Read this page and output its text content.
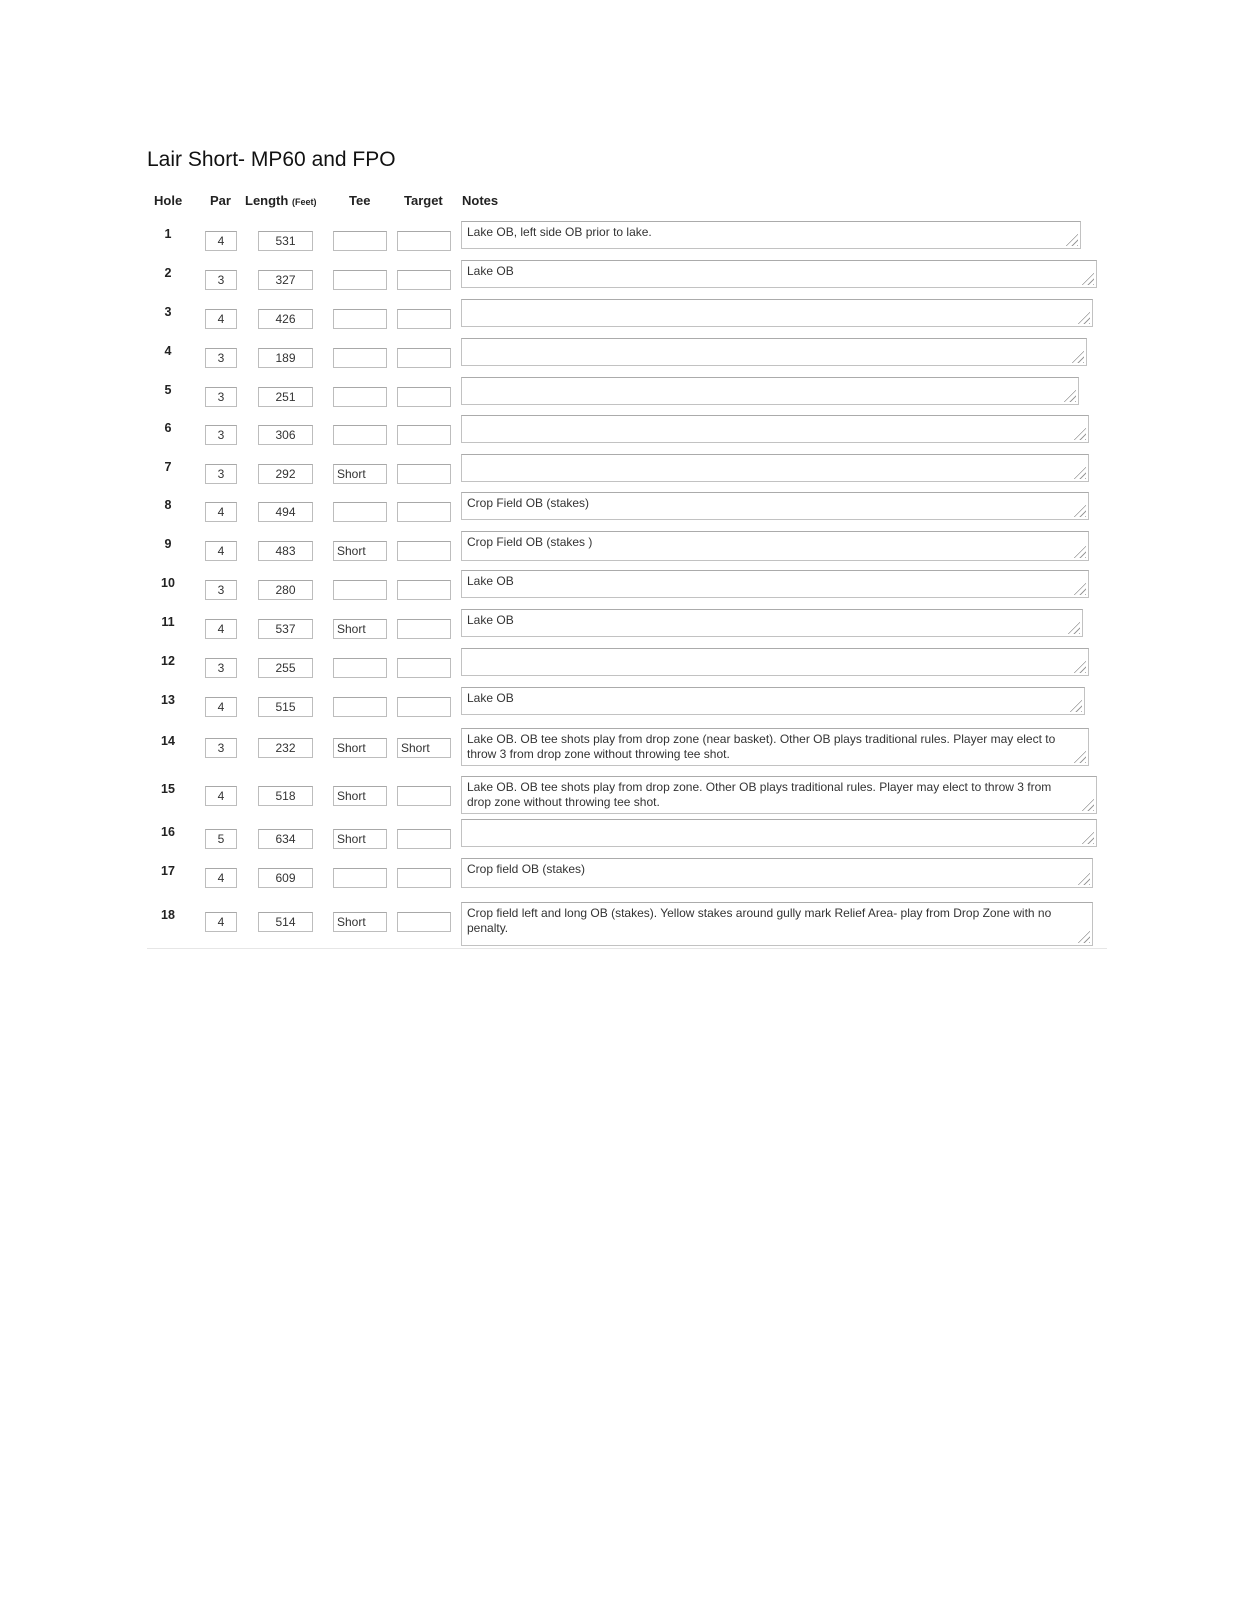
Lair Short- MP60 and FPO
Hole Par Length (Feet)	Tee	Target Notes
1	4	531
Lake OB, left side OB prior to lake.
2	3	327
Lake OB
3	4	426
4	3	189
5	3	251
6	3	306
7	3	292	Short
8	4	494
Crop Field OB (stakes)
9	4	483	Short
Crop Field OB (stakes )
10	3	280
Lake OB
11	4	537	Short
Lake OB
12	3	255
13	4	515
Lake OB
14	3	232	Short	Short
Lake OB. OB tee shots play from drop zone (near basket). Other OB plays traditional rules. Player may elect to throw 3 from drop zone without throwing tee shot.
15	4	518	Short
Lake OB. OB tee shots play from drop zone. Other OB plays traditional rules. Player may elect to throw 3 from drop zone without throwing tee shot.
16	5	634	Short
17	4	609
Crop field OB (stakes)
18	4	514	Short
Crop field left and long OB (stakes). Yellow stakes around gully mark Relief Area- play from Drop Zone with no penalty.
